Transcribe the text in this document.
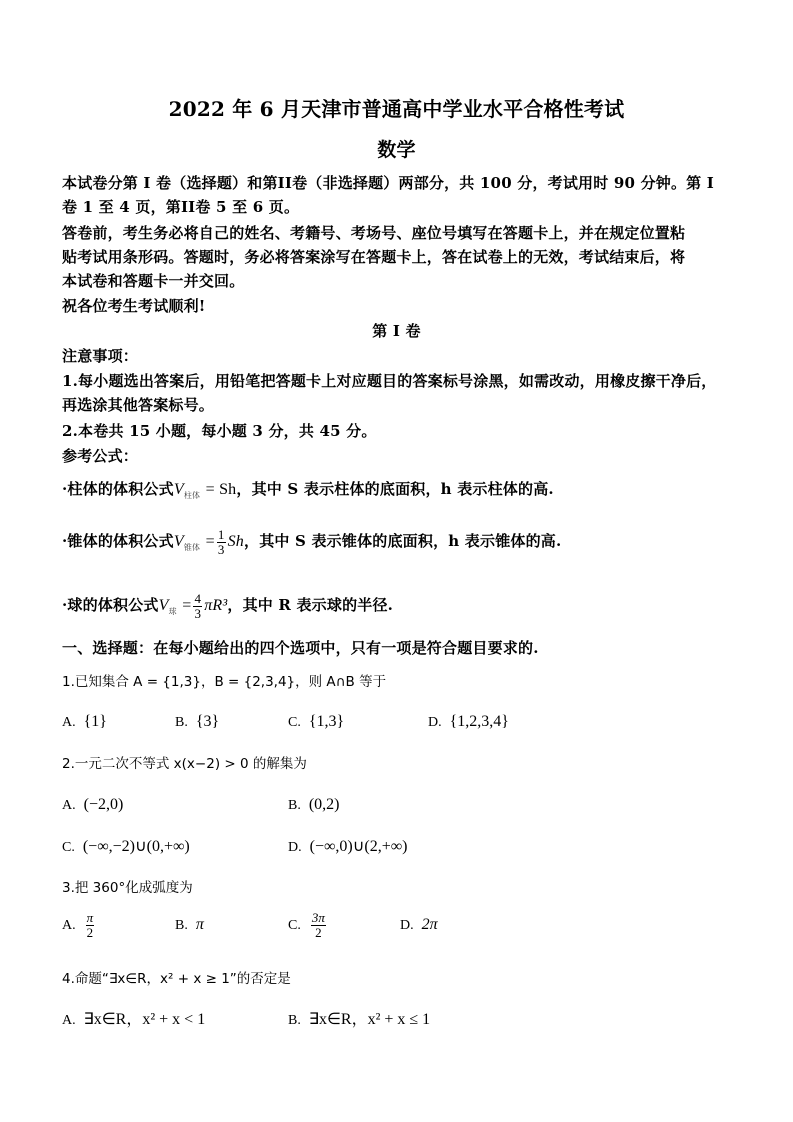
2022 年 6 月天津市普通高中学业水平合格性考试
数学
本试卷分第 I 卷（选择题）和第II卷（非选择题）两部分，共 100 分，考试用时 90 分钟。第 I
卷 1 至 4 页，第II卷 5 至 6 页。
答卷前，考生务必将自己的姓名、考籍号、考场号、座位号填写在答题卡上，并在规定位置粘
贴考试用条形码。答题时，务必将答案涂写在答题卡上，答在试卷上的无效，考试结束后，将
本试卷和答题卡一并交回。
祝各位考生考试顺利!
第 I 卷
注意事项：
1.每小题选出答案后，用铅笔把答题卡上对应题目的答案标号涂黑，如需改动，用橡皮擦干净后，
再选涂其他答案标号。
2.本卷共 15 小题，每小题 3 分，共 45 分。
参考公式：
·柱体的体积公式$V_{柱体} = Sh$，其中 S 表示柱体的底面积，h 表示柱体的高.
·锥体的体积公式$V_{锥体} = \frac{1}{3}$ Sh，其中 S 表示锥体的底面积，h 表示锥体的高.
·球的体积公式$V_球 = \frac{4}{3} \pi R^3$，其中 R 表示球的半径.
一、选择题：在每小题给出的四个选项中，只有一项是符合题目要求的.
1.已知集合 A = {1,3}，B = {2,3,4}，则 A∩B 等于
A. {1}	B. {3}	C. {1,3}	D. {1,2,3,4}
2.一元二次不等式 x(x−2) > 0 的解集为
A. (−2,0)	B. (0,2)
C. (−∞,−2)∪(0,+∞)	D. (−∞,0)∪(2,+∞)
3.把 360°化成弧度为
A. $\frac{\pi}{2}$	B. π	C. $\frac{3\pi}{2}$	D. 2π
4.命题“∃x∈R，x² + x ≥ 1”的否定是
A. ∃x∈R，x² + x < 1	B. ∃x∈R，x² + x ≤ 1
